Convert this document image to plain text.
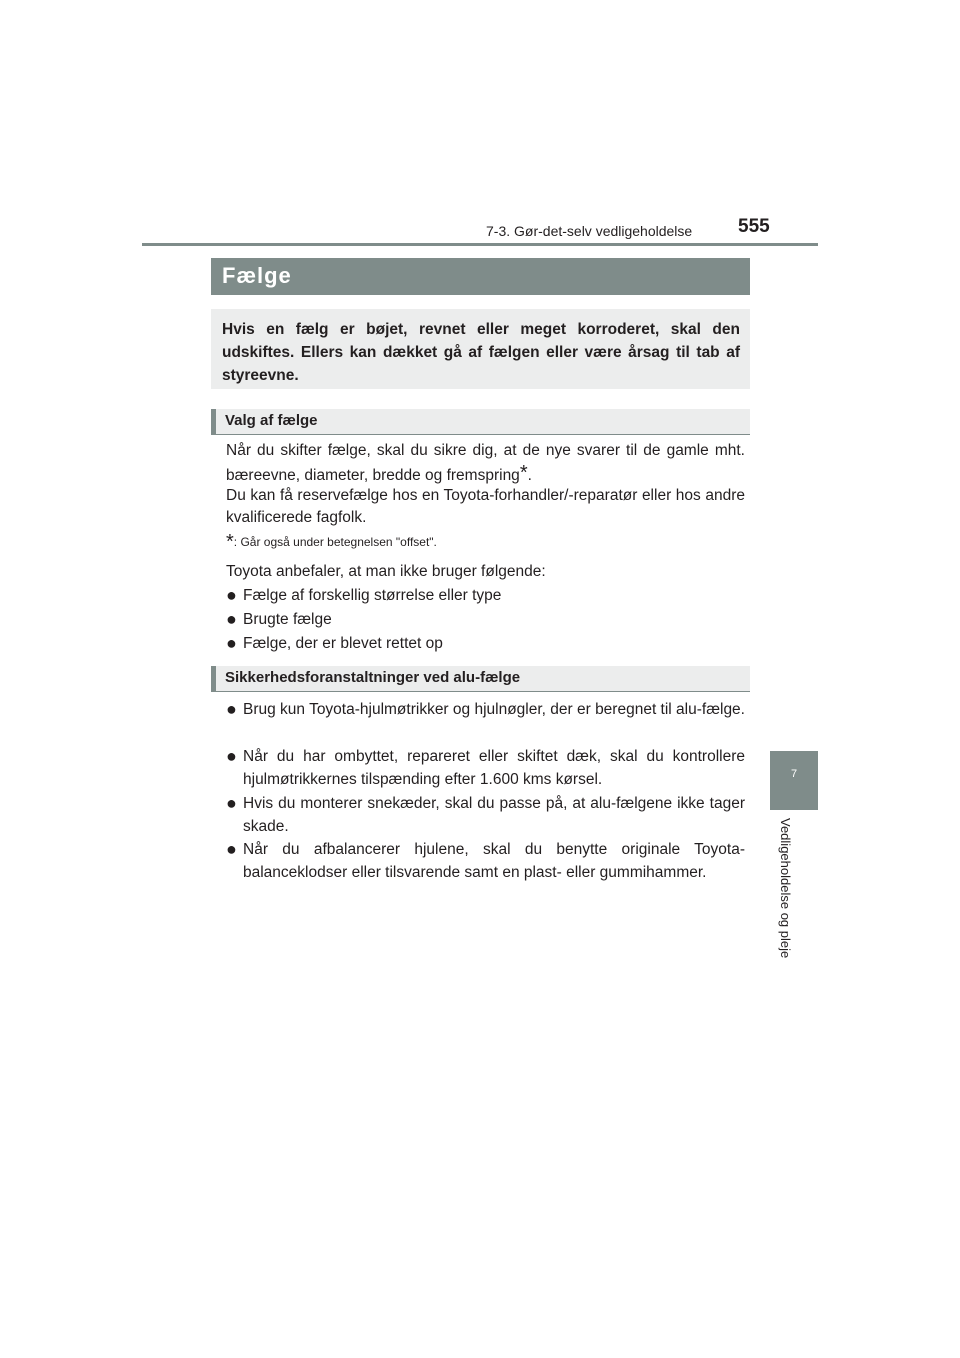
7-3. Gør-det-selv vedligeholdelse 555
7
Vedligeholdelse og pleje
Fælge
Hvis en fælg er bøjet, revnet eller meget korroderet, skal den udskiftes. Ellers kan dækket gå af fælgen eller være årsag til tab af styreevne.
Valg af fælge
Når du skifter fælge, skal du sikre dig, at de nye svarer til de gamle mht. bæreevne, diameter, bredde og fremspring*.
Du kan få reservefælge hos en Toyota-forhandler/-reparatør eller hos andre kvalificerede fagfolk.
*: Går også under betegnelsen "offset".
Toyota anbefaler, at man ikke bruger følgende:
● Fælge af forskellig størrelse eller type
● Brugte fælge
● Fælge, der er blevet rettet op
Sikkerhedsforanstaltninger ved alu-fælge
● Brug kun Toyota-hjulmøtrikker og hjulnøgler, der er beregnet til alu-fælge.
● Når du har ombyttet, repareret eller skiftet dæk, skal du kontrollere hjulmøtrikkernes tilspænding efter 1.600 kms kørsel.
● Hvis du monterer snekæder, skal du passe på, at alu-fælgene ikke tager skade.
● Når du afbalancerer hjulene, skal du benytte originale Toyota-balanceklodser eller tilsvarende samt en plast- eller gummihammer.
